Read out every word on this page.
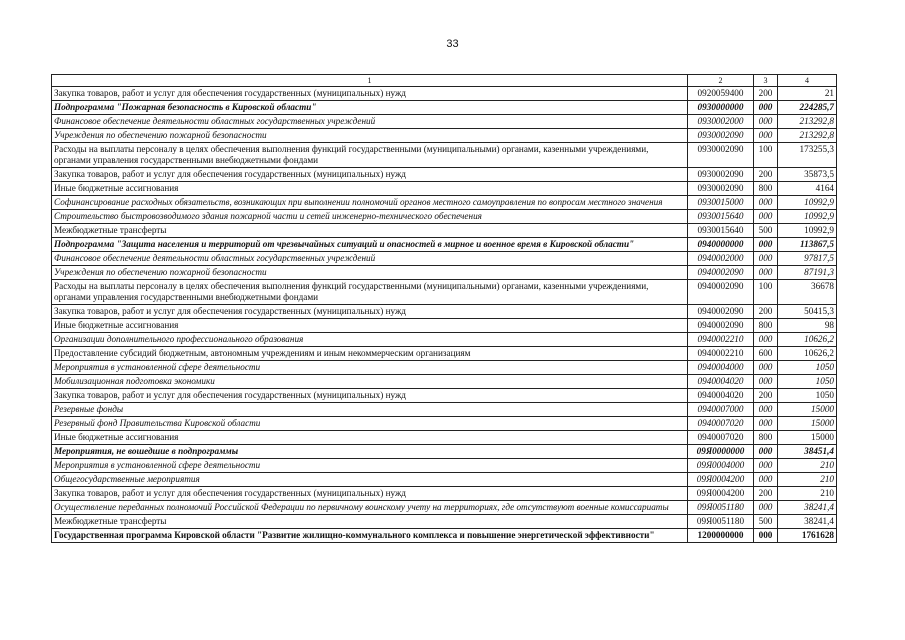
33
1	2	3	4
Закупка товаров, работ и услуг для обеспечения государственных (муниципальных) нужд	0920059400	200	21
Подпрограмма "Пожарная безопасность в Кировской области"	0930000000	000	224285,7
Финансовое обеспечение деятельности областных государственных учреждений	0930002000	000	213292,8
Учреждения по обеспечению пожарной безопасности	0930002090	000	213292,8
Расходы на выплаты персоналу в целях обеспечения выполнения функций государственными (муниципальными) органами, казенными учреждениями, органами управления государственными внебюджетными фондами	0930002090	100	173255,3
Закупка товаров, работ и услуг для обеспечения государственных (муниципальных) нужд	0930002090	200	35873,5
Иные бюджетные ассигнования	0930002090	800	4164
Софинансирование расходных обязательств, возникающих при выполнении полномочий органов местного самоуправления по вопросам местного значения	0930015000	000	10992,9
Строительство быстровозводимого здания пожарной части и сетей инженерно-технического обеспечения	0930015640	000	10992,9
Межбюджетные трансферты	0930015640	500	10992,9
Подпрограмма "Защита населения и территорий от чрезвычайных ситуаций и опасностей в мирное и военное время в Кировской области"	0940000000	000	113867,5
Финансовое обеспечение деятельности областных государственных учреждений	0940002000	000	97817,5
Учреждения по обеспечению пожарной безопасности	0940002090	000	87191,3
Расходы на выплаты персоналу в целях обеспечения выполнения функций государственными (муниципальными) органами, казенными учреждениями, органами управления государственными внебюджетными фондами	0940002090	100	36678
Закупка товаров, работ и услуг для обеспечения государственных (муниципальных) нужд	0940002090	200	50415,3
Иные бюджетные ассигнования	0940002090	800	98
Организации дополнительного профессионального образования	0940002210	000	10626,2
Предоставление субсидий бюджетным, автономным учреждениям и иным некоммерческим организациям	0940002210	600	10626,2
Мероприятия в установленной сфере деятельности	0940004000	000	1050
Мобилизационная подготовка экономики	0940004020	000	1050
Закупка товаров, работ и услуг для обеспечения государственных (муниципальных) нужд	0940004020	200	1050
Резервные фонды	0940007000	000	15000
Резервный фонд Правительства Кировской области	0940007020	000	15000
Иные бюджетные ассигнования	0940007020	800	15000
Мероприятия, не вошедшие в подпрограммы	09Я0000000	000	38451,4
Мероприятия в установленной сфере деятельности	09Я0004000	000	210
Общегосударственные мероприятия	09Я0004200	000	210
Закупка товаров, работ и услуг для обеспечения государственных (муниципальных) нужд	09Я0004200	200	210
Осуществление переданных полномочий Российской Федерации по первичному воинскому учету на территориях, где отсутствуют военные комиссариаты	09Я0051180	000	38241,4
Межбюджетные трансферты	09Я0051180	500	38241,4
Государственная программа Кировской области "Развитие жилищно-коммунального комплекса и повышение энергетической эффективности"	1200000000	000	1761628
